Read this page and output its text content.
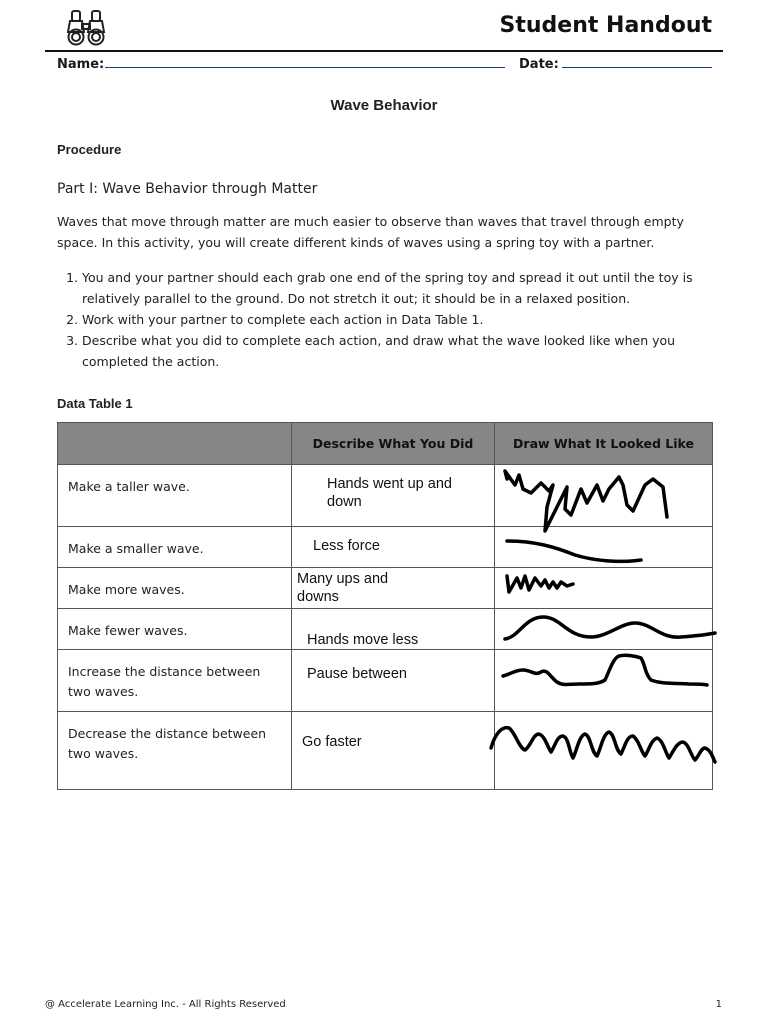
Student Handout
Name:	Date:
Wave Behavior
Procedure
Part I: Wave Behavior through Matter
Waves that move through matter are much easier to observe than waves that travel through empty space. In this activity, you will create different kinds of waves using a spring toy with a partner.
1. You and your partner should each grab one end of the spring toy and spread it out until the toy is relatively parallel to the ground. Do not stretch it out; it should be in a relaxed position.
2. Work with your partner to complete each action in Data Table 1.
3. Describe what you did to complete each action, and draw what the wave looked like when you completed the action.
Data Table 1
	Describe What You Did	Draw What It Looked Like
Make a taller wave.	Hands went up and down

Make a smaller wave.	Less force

Make more waves.	Many ups and downs

Make fewer waves.	Hands move less

Increase the distance between two waves.	Pause between

Decrease the distance between two waves.	Go faster

@ Accelerate Learning Inc. - All Rights Reserved	1
